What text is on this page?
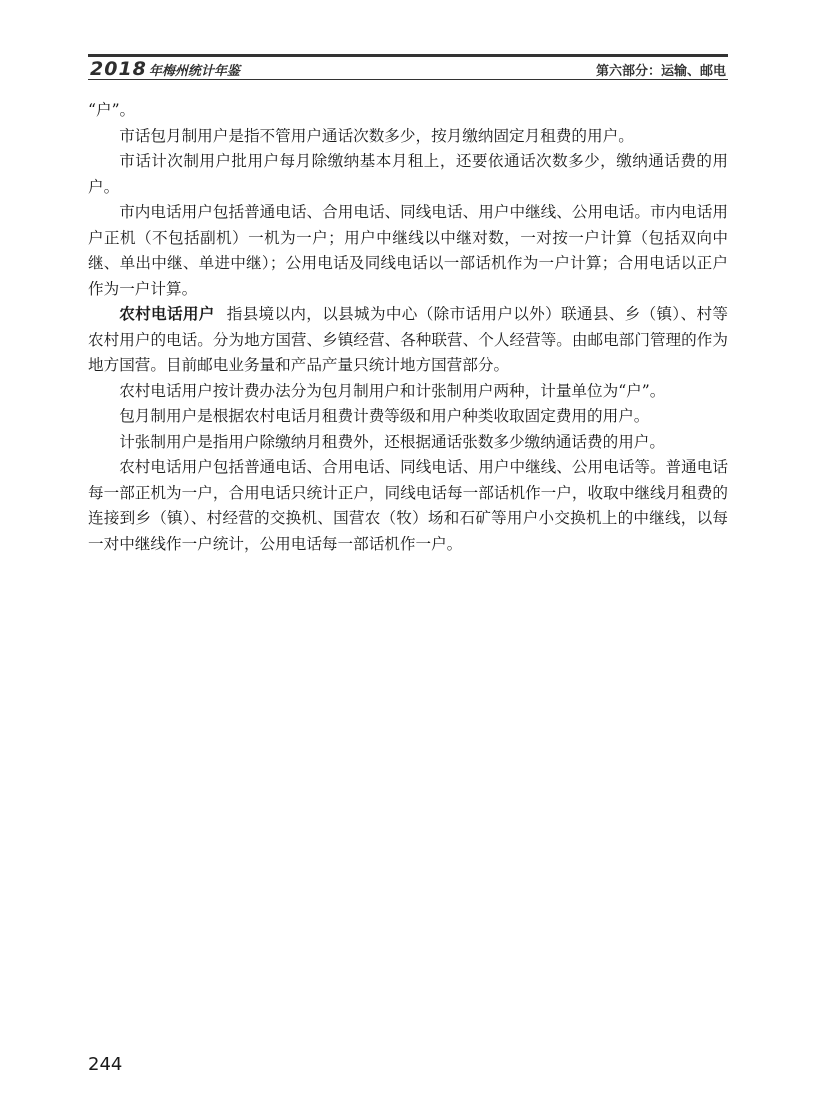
2018 年梅州统计年鉴	第六部分：运输、邮电

“户”。

市话包月制用户是指不管用户通话次数多少，按月缴纳固定月租费的用户。

市话计次制用户批用户每月除缴纳基本月租上，还要依通话次数多少，缴纳通话费的用户。

市内电话用户包括普通电话、合用电话、同线电话、用户中继线、公用电话。市内电话用户正机（不包括副机）一机为一户；用户中继线以中继对数，一对按一户计算（包括双向中继、单出中继、单进中继）；公用电话及同线电话以一部话机作为一户计算；合用电话以正户作为一户计算。

农村电话用户 指县境以内，以县城为中心（除市话用户以外）联通县、乡（镇）、村等农村用户的电话。分为地方国营、乡镇经营、各种联营、个人经营等。由邮电部门管理的作为地方国营。目前邮电业务量和产品产量只统计地方国营部分。

农村电话用户按计费办法分为包月制用户和计张制用户两种，计量单位为“户”。

包月制用户是根据农村电话月租费计费等级和用户种类收取固定费用的用户。

计张制用户是指用户除缴纳月租费外，还根据通话张数多少缴纳通话费的用户。

农村电话用户包括普通电话、合用电话、同线电话、用户中继线、公用电话等。普通电话每一部正机为一户，合用电话只统计正户，同线电话每一部话机作一户，收取中继线月租费的连接到乡（镇）、村经营的交换机、国营农（牧）场和石矿等用户小交换机上的中继线，以每一对中继线作一户统计，公用电话每一部话机作一户。

244
